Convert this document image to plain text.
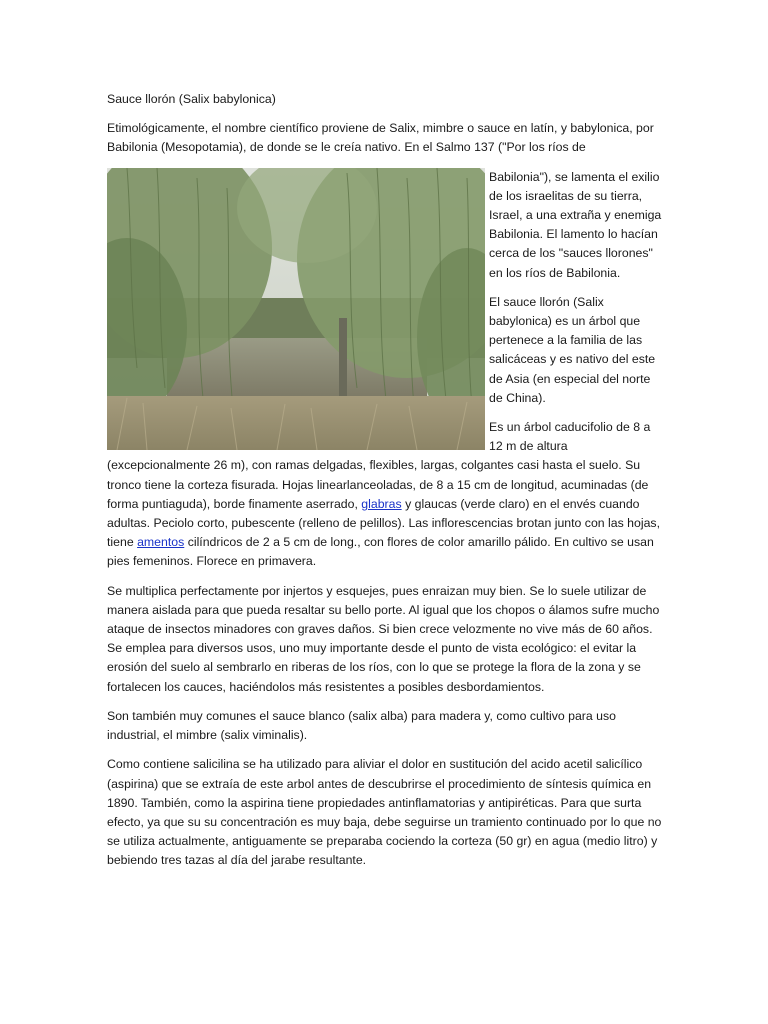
Sauce llorón (Salix babylonica)

Etimológicamente, el nombre científico proviene de Salix, mimbre o sauce en latín, y babylonica, por Babilonia (Mesopotamia), de donde se le creía nativo. En el Salmo 137 ("Por los ríos de

Babilonia"), se lamenta el exilio de los israelitas de su tierra, Israel, a una extraña y enemiga Babilonia. El lamento lo hacían cerca de los "sauces llorones" en los ríos de Babilonia.

El sauce llorón (Salix babylonica) es un árbol que pertenece a la familia de las salicáceas y es nativo del este de Asia (en especial del norte de China).

Es un árbol caducifolio de 8 a 12 m de altura (excepcionalmente 26 m), con ramas delgadas, flexibles, largas, colgantes casi hasta el suelo. Su tronco tiene la corteza fisurada. Hojas linearlanceoladas, de 8 a 15 cm de longitud, acuminadas (de forma puntiaguda), borde finamente aserrado, glabras y glaucas (verde claro) en el envés cuando adultas. Peciolo corto, pubescente (relleno de pelillos). Las inflorescencias brotan junto con las hojas, tiene amentos cilíndricos de 2 a 5 cm de long., con flores de color amarillo pálido. En cultivo se usan pies femeninos. Florece en primavera.

Se multiplica perfectamente por injertos y esquejes, pues enraizan muy bien. Se lo suele utilizar de manera aislada para que pueda resaltar su bello porte. Al igual que los chopos o álamos sufre mucho ataque de insectos minadores con graves daños. Si bien crece velozmente no vive más de 60 años. Se emplea para diversos usos, uno muy importante desde el punto de vista ecológico: el evitar la erosión del suelo al sembrarlo en riberas de los ríos, con lo que se protege la flora de la zona y se fortalecen los cauces, haciéndolos más resistentes a posibles desbordamientos.

Son también muy comunes el sauce blanco (salix alba) para madera y, como cultivo para uso industrial, el mimbre (salix viminalis).

Como contiene salicilina se ha utilizado para aliviar el dolor en sustitución del acido acetil salicílico (aspirina) que se extraía de este arbol antes de descubrirse el procedimiento de síntesis química en 1890. También, como la aspirina tiene propiedades antinflamatorias y antipiréticas. Para que surta efecto, ya que su su concentración es muy baja, debe seguirse un tramiento continuado por lo que no se utiliza actualmente, antiguamente se preparaba cociendo la corteza (50 gr) en agua (medio litro) y bebiendo tres tazas al día del jarabe resultante.
